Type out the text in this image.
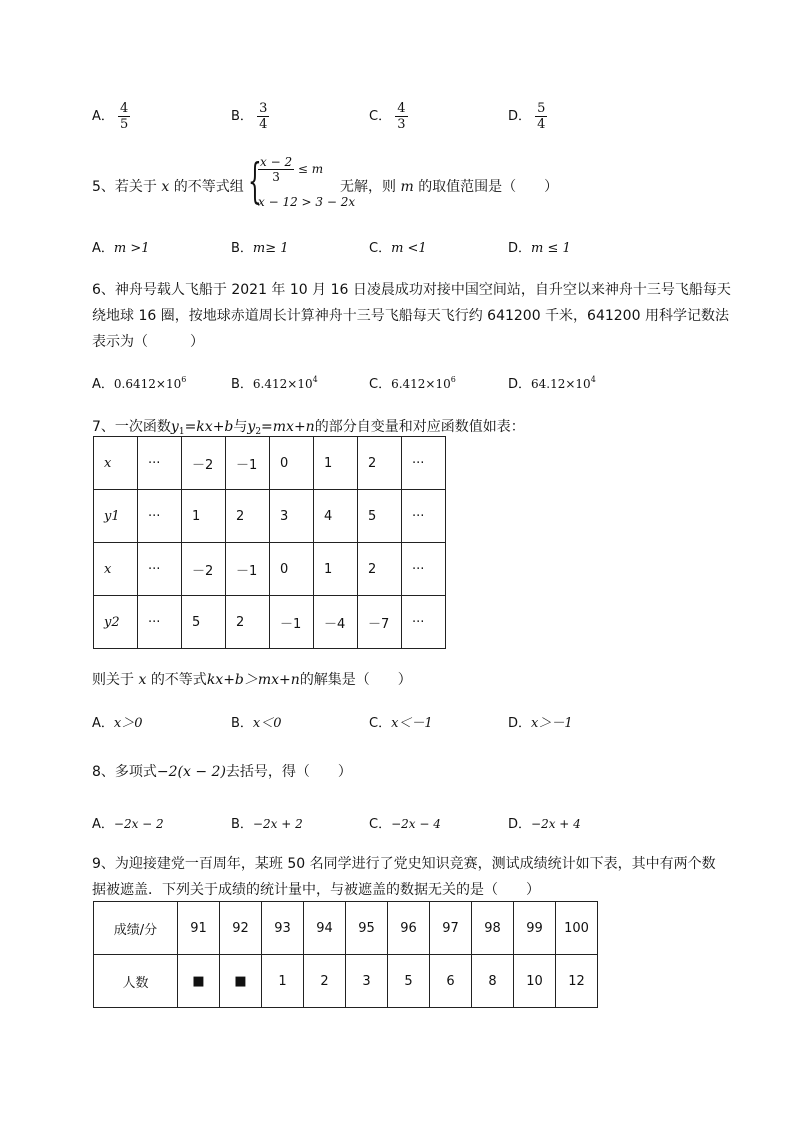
A． $\frac{4}{5}$	B． $\frac{3}{4}$	C． $\frac{4}{3}$	D． $\frac{5}{4}$
5、若关于 x 的不等式组 {
$\frac{x - 2}{3} \le m$
x − 12 > 3 − 2x
无解，则 m 的取值范围是（　　）
A．m >1	B．m≥ 1	C．m <1	D．m ≤ 1
6、神舟号载人飞船于 2021 年 10 月 16 日凌晨成功对接中国空间站，自升空以来神舟十三号飞船每天
绕地球 16 圈，按地球赤道周长计算神舟十三号飞船每天飞行约 641200 千米，641200 用科学记数法
表示为（　　　）
A．$0.6412\times 10^6$	B．$6.412\times 10^4$	C．$6.412\times 10^6$	D．$64.12\times 10^4$
7、一次函数$y_1=kx+b$与$y_2=mx+n$的部分自变量和对应函数值如表：
x	···	－2	－1	0	1	2	···
y1	···	1	2	3	4	5	···
x	···	－2	－1	0	1	2	···
y2	···	5	2	－1	－4	－7	···
则关于 x 的不等式kx+b＞mx+n的解集是（　　）
A．x＞0	B．x＜0	C．x＜－1	D．x＞－1
8、多项式−2(x − 2)去括号，得（　　）
A．−2x − 2	B．−2x + 2	C．−2x − 4	D．−2x + 4
9、为迎接建党一百周年，某班 50 名同学进行了党史知识竞赛，测试成绩统计如下表，其中有两个数
据被遮盖．下列关于成绩的统计量中，与被遮盖的数据无关的是（　　）
成绩/分	91	92	93	94	95	96	97	98	99	100
人数	■	■	1	2	3	5	6	8	10	12
